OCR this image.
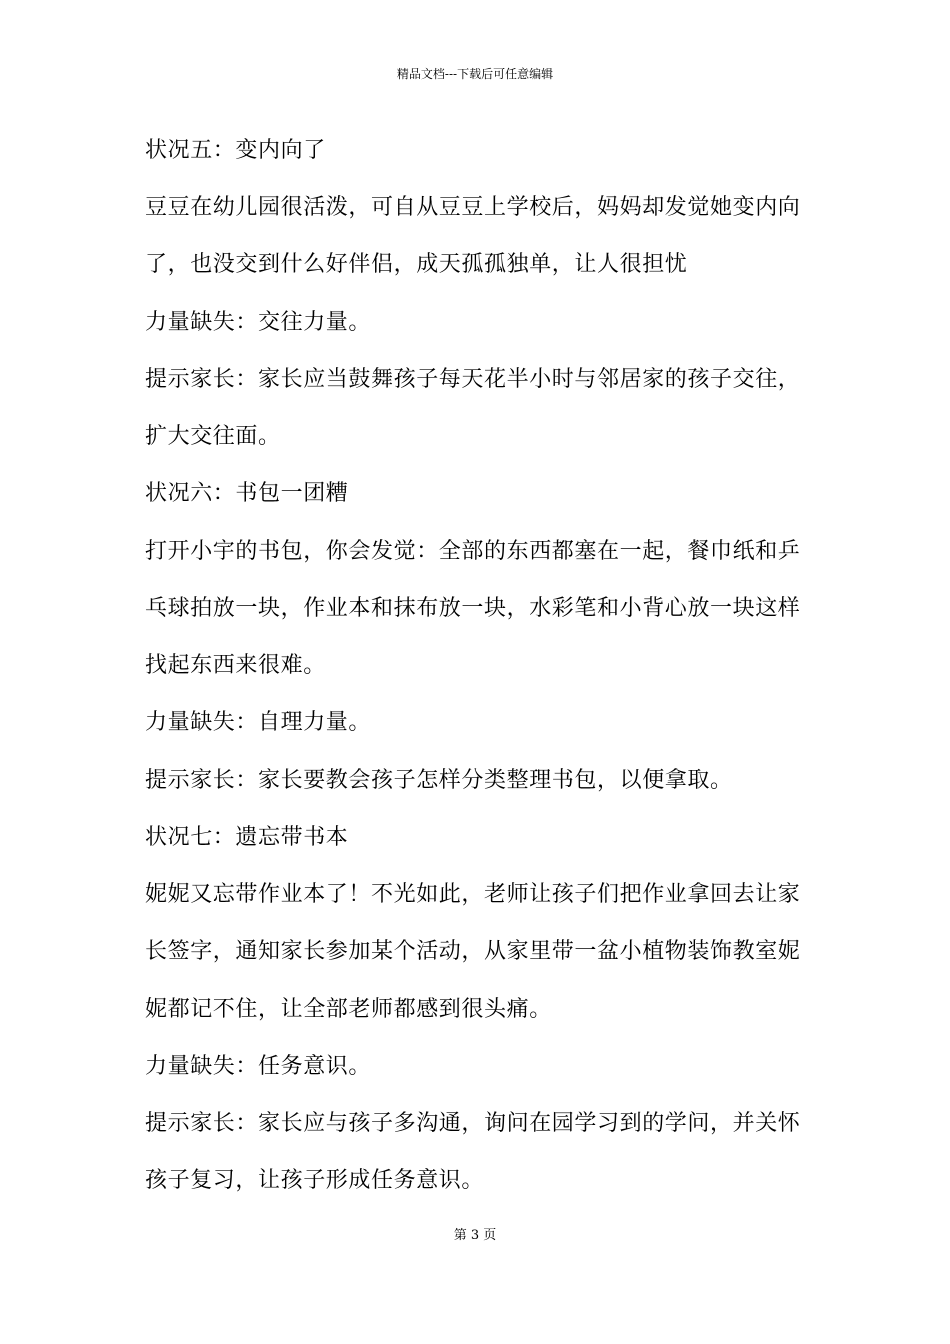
精品文档---下载后可任意编辑
状况五：变内向了
豆豆在幼儿园很活泼，可自从豆豆上学校后，妈妈却发觉她变内向
了，也没交到什么好伴侣，成天孤孤独单，让人很担忧
力量缺失：交往力量。
提示家长：家长应当鼓舞孩子每天花半小时与邻居家的孩子交往，
扩大交往面。
状况六：书包一团糟
打开小宇的书包，你会发觉：全部的东西都塞在一起，餐巾纸和乒
乓球拍放一块，作业本和抹布放一块，水彩笔和小背心放一块这样
找起东西来很难。
力量缺失：自理力量。
提示家长：家长要教会孩子怎样分类整理书包，以便拿取。
状况七：遗忘带书本
妮妮又忘带作业本了！不光如此，老师让孩子们把作业拿回去让家
长签字，通知家长参加某个活动，从家里带一盆小植物装饰教室妮
妮都记不住，让全部老师都感到很头痛。
力量缺失：任务意识。
提示家长：家长应与孩子多沟通，询问在园学习到的学问，并关怀
孩子复习，让孩子形成任务意识。
第 3 页
